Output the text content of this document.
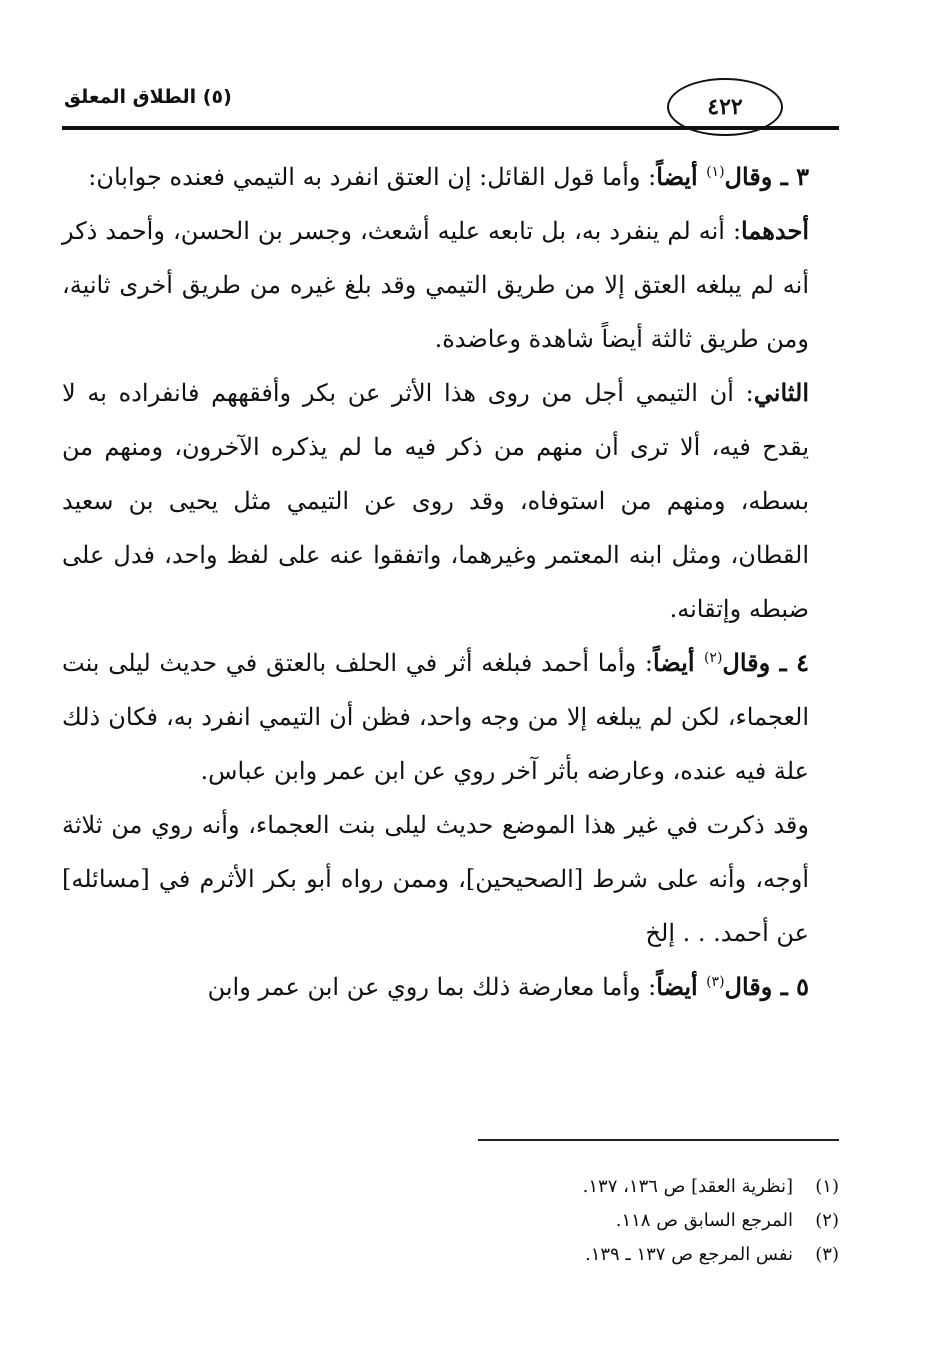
٤٢٢
(٥) الطلاق المعلق

٣ ـ وقال$^{(١)}$ أيضاً: وأما قول القائل: إن العتق انفرد به التيمي فعنده جوابان:

أحدهما: أنه لم ينفرد به، بل تابعه عليه أشعث، وجسر بن الحسن، وأحمد ذكر أنه لم يبلغه العتق إلا من طريق التيمي وقد بلغ غيره من طريق أخرى ثانية، ومن طريق ثالثة أيضاً شاهدة وعاضدة.

الثاني: أن التيمي أجل من روى هذا الأثر عن بكر وأفقههم فانفراده به لا يقدح فيه، ألا ترى أن منهم من ذكر فيه ما لم يذكره الآخرون، ومنهم من بسطه، ومنهم من استوفاه، وقد روى عن التيمي مثل يحيى بن سعيد القطان، ومثل ابنه المعتمر وغيرهما، واتفقوا عنه على لفظ واحد، فدل على ضبطه وإتقانه.

٤ ـ وقال$^{(٢)}$ أيضاً: وأما أحمد فبلغه أثر في الحلف بالعتق في حديث ليلى بنت العجماء، لكن لم يبلغه إلا من وجه واحد، فظن أن التيمي انفرد به، فكان ذلك علة فيه عنده، وعارضه بأثر آخر روي عن ابن عمر وابن عباس.

وقد ذكرت في غير هذا الموضع حديث ليلى بنت العجماء، وأنه روي من ثلاثة أوجه، وأنه على شرط [الصحيحين]، وممن رواه أبو بكر الأثرم في [مسائله] عن أحمد. . . إلخ

٥ ـ وقال$^{(٣)}$ أيضاً: وأما معارضة ذلك بما روي عن ابن عمر وابن

(١)
[نظرية العقد] ص ١٣٦، ١٣٧.
(٢)
المرجع السابق ص ١١٨.
(٣)
نفس المرجع ص ١٣٧ ـ ١٣٩.
